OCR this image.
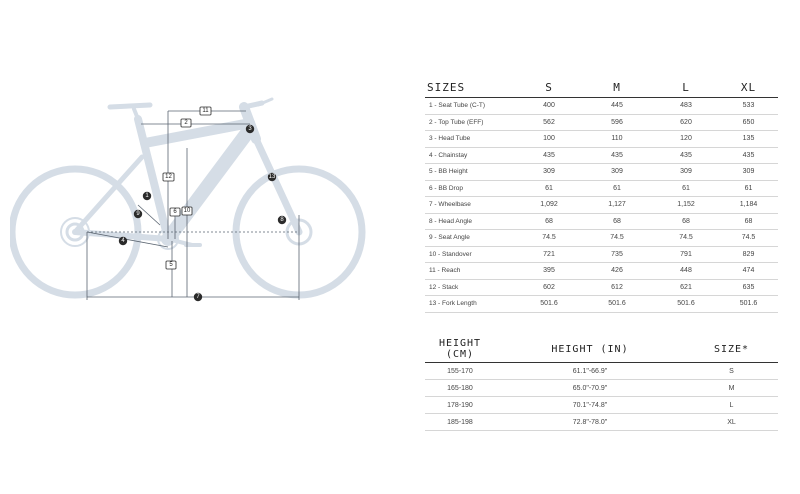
1
2
3
4
5
6
7
8
9	10
11
12	13
SIZES	S	M	L	XL
1 - Seat Tube (C-T)	400	445	483	533
2 - Top Tube (EFF)	562	596	620	650
3 - Head Tube	100	110	120	135
4 - Chainstay	435	435	435	435
5 - BB Height	309	309	309	309
6 - BB Drop	61	61	61	61
7 - Wheelbase	1,092	1,127	1,152	1,184
8 - Head Angle	68	68	68	68
9 - Seat Angle	74.5	74.5	74.5	74.5
10 - Standover	721	735	791	829
11 - Reach	395	426	448	474
12 - Stack	602	612	621	635
13 - Fork Length	501.6	501.6	501.6	501.6
HEIGHT (CM)	HEIGHT (IN)	SIZE*
155-170	61.1"-66.9"	S
165-180	65.0"-70.9"	M
178-190	70.1"-74.8"	L
185-198	72.8"-78.0"	XL
